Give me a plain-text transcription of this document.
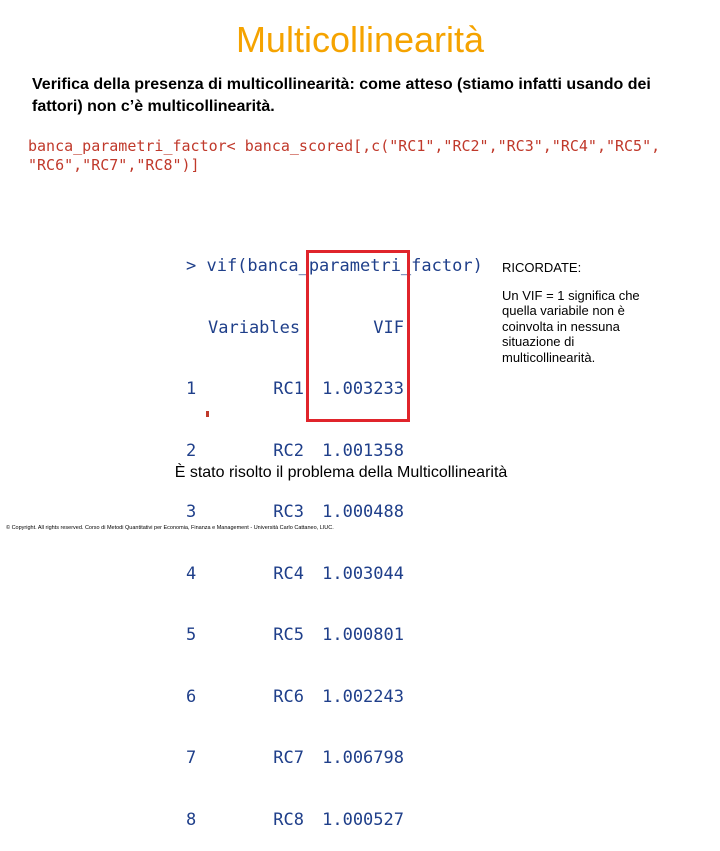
Multicollinearità
Verifica della presenza di multicollinearità: come atteso (stiamo infatti usando dei fattori) non c’è multicollinearità.
banca_parametri_factor< banca_scored[,c("RC1","RC2","RC3","RC4","RC5",
"RC6","RC7","RC8")]

> vif(banca_parametri_factor)

Variables	VIF

1	RC1	1.003233

2	RC2	1.001358

3	RC3	1.000488

4	RC4	1.003044

5	RC5	1.000801

6	RC6	1.002243

7	RC7	1.006798

8	RC8	1.000527

RICORDATE:
Un VIF = 1 significa che quella variabile non è coinvolta in nessuna situazione di multicollinearità.
È stato risolto il problema della Multicollinearità
© Copyright. All rights reserved. Corso di Metodi Quantitativi per Economia, Finanza e Management - Università Carlo Cattaneo, LIUC.
